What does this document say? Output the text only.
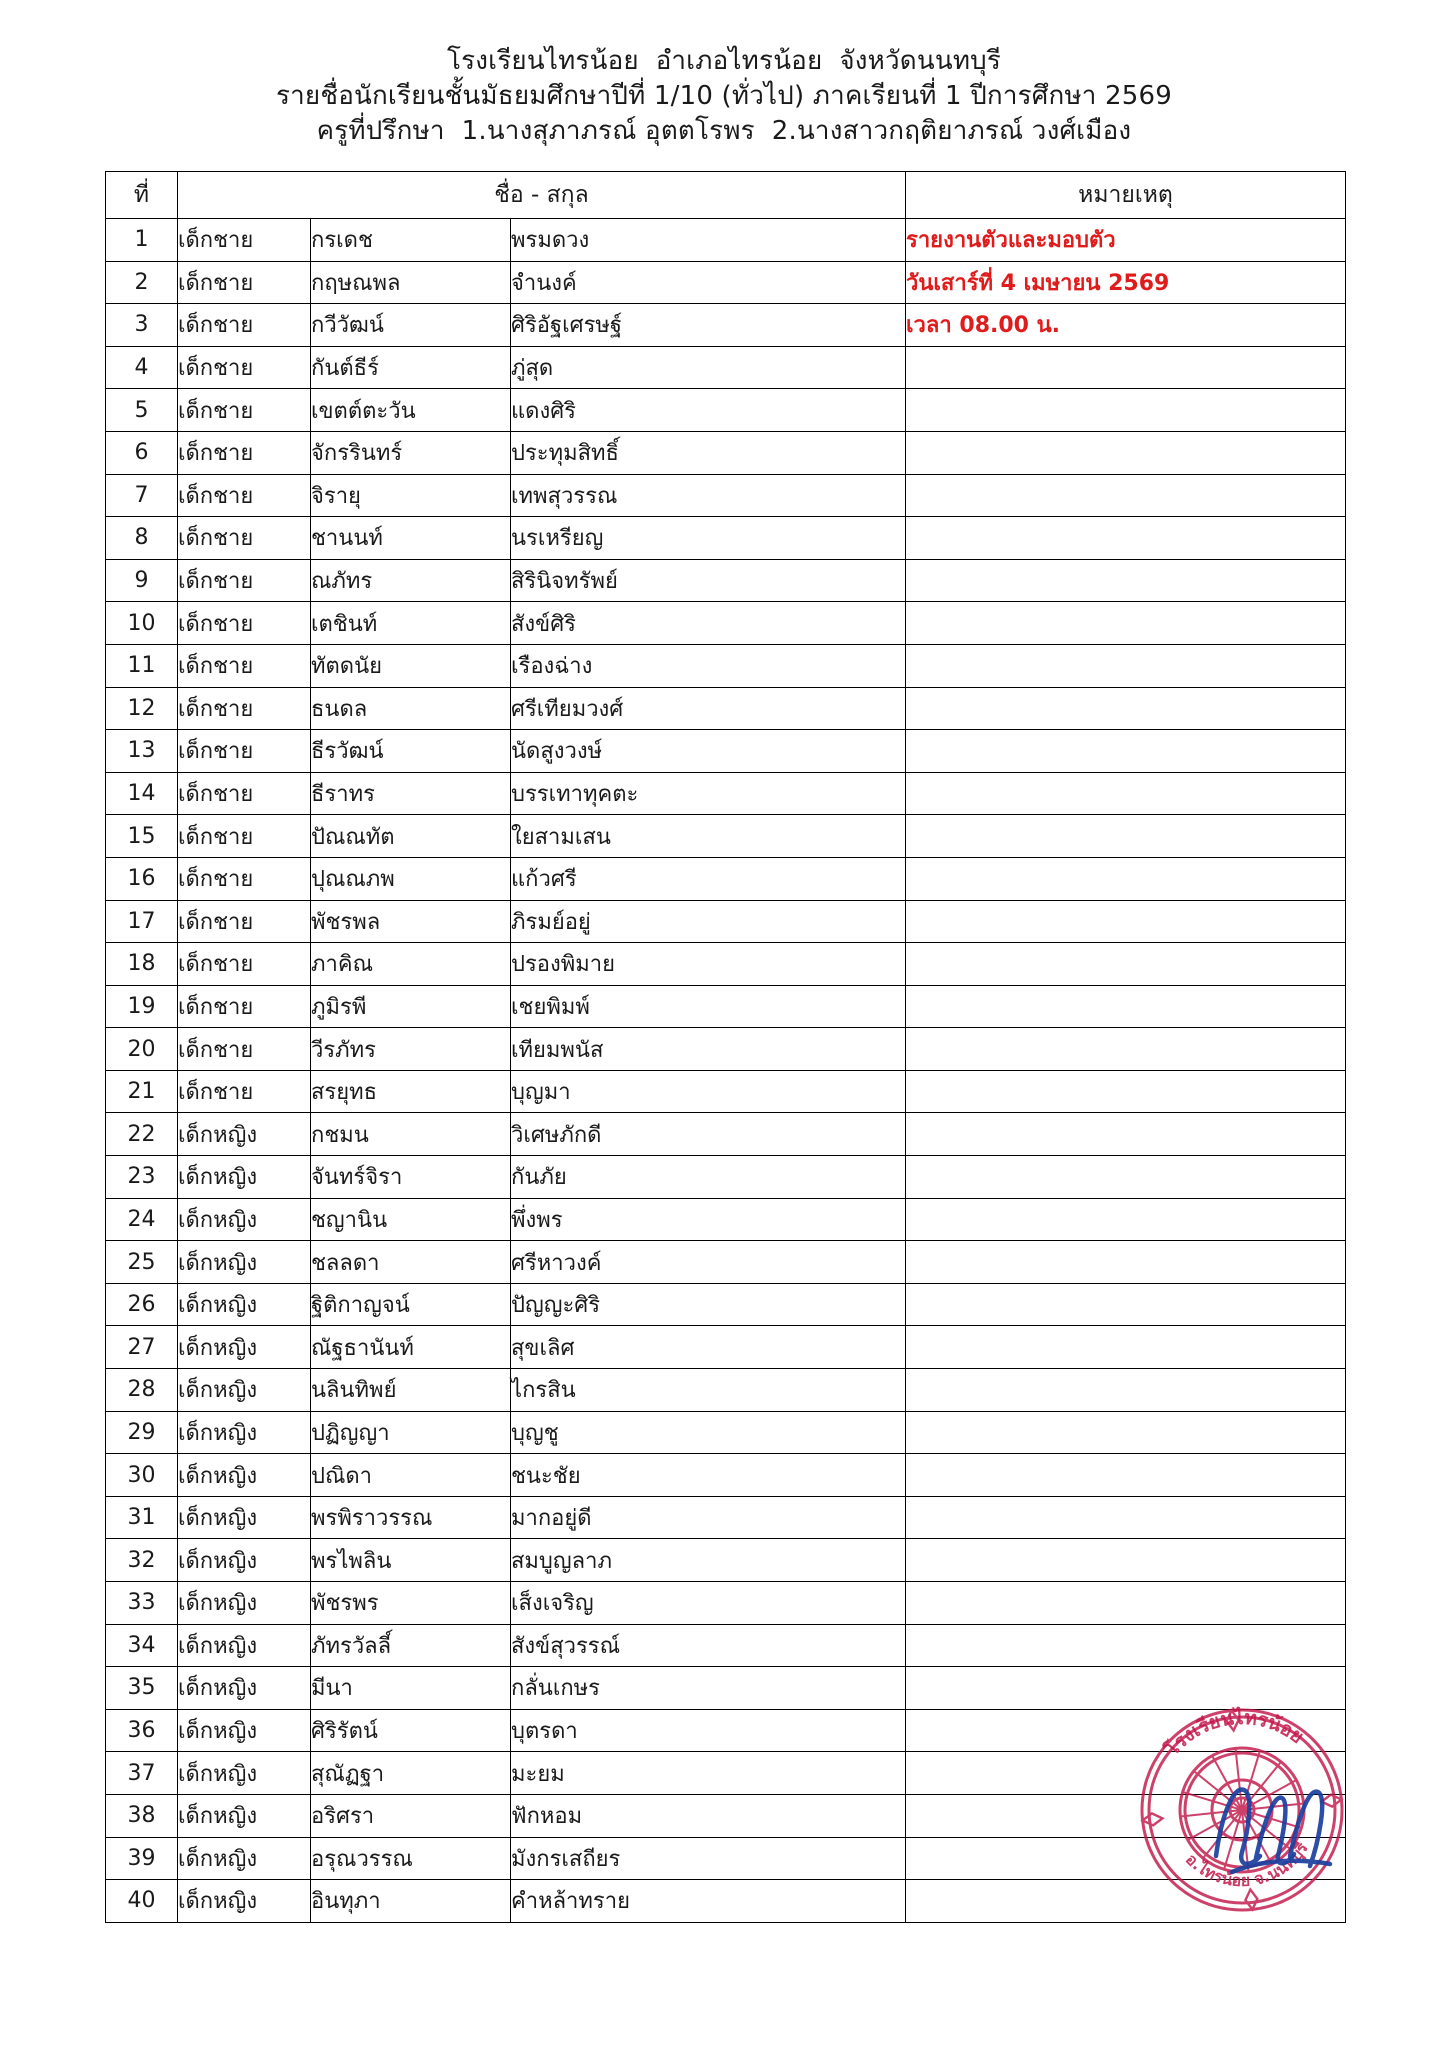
โรงเรียนไทรน้อย  อำเภอไทรน้อย  จังหวัดนนทบุรี
รายชื่อนักเรียนชั้นมัธยมศึกษาปีที่ 1/10 (ทั่วไป) ภาคเรียนที่ 1 ปีการศึกษา 2569
ครูที่ปรึกษา  1.นางสุภาภรณ์ อุตตโรพร  2.นางสาวกฤติยาภรณ์ วงศ์เมือง
ที่	ชื่อ - สกุล			หมายเหตุ
1	เด็กชาย	กรเดช	พรมดวง	รายงานตัวและมอบตัว
2	เด็กชาย	กฤษณพล	จำนงค์	วันเสาร์ที่ 4 เมษายน 2569
3	เด็กชาย	กวีวัฒน์	ศิริอัฐเศรษฐ์	เวลา 08.00 น.
4	เด็กชาย	กันต์ธีร์	ภู่สุด	
5	เด็กชาย	เขตต์ตะวัน	แดงศิริ	
6	เด็กชาย	จักรรินทร์	ประทุมสิทธิ์	
7	เด็กชาย	จิรายุ	เทพสุวรรณ	
8	เด็กชาย	ชานนท์	นรเหรียญ	
9	เด็กชาย	ณภัทร	สิรินิจทรัพย์	
10	เด็กชาย	เตชินท์	สังข์ศิริ	
11	เด็กชาย	ทัตดนัย	เรืองฉ่าง	
12	เด็กชาย	ธนดล	ศรีเทียมวงศ์	
13	เด็กชาย	ธีรวัฒน์	นัดสูงวงษ์	
14	เด็กชาย	ธีราทร	บรรเทาทุคตะ	
15	เด็กชาย	ปัณณทัต	ใยสามเสน	
16	เด็กชาย	ปุณณภพ	แก้วศรี	
17	เด็กชาย	พัชรพล	ภิรมย์อยู่	
18	เด็กชาย	ภาคิณ	ปรองพิมาย	
19	เด็กชาย	ภูมิรพี	เชยพิมพ์	
20	เด็กชาย	วีรภัทร	เทียมพนัส	
21	เด็กชาย	สรยุทธ	บุญมา	
22	เด็กหญิง	กชมน	วิเศษภักดี	
23	เด็กหญิง	จันทร์จิรา	กันภัย	
24	เด็กหญิง	ชญานิน	พึ่งพร	
25	เด็กหญิง	ชลลดา	ศรีหาวงค์	
26	เด็กหญิง	ฐิติกาญจน์	ปัญญะศิริ	
27	เด็กหญิง	ณัฐธานันท์	สุขเลิศ	
28	เด็กหญิง	นลินทิพย์	ไกรสิน	
29	เด็กหญิง	ปฏิญญา	บุญชู	
30	เด็กหญิง	ปณิดา	ชนะชัย	
31	เด็กหญิง	พรพิราวรรณ	มากอยู่ดี	
32	เด็กหญิง	พรไพลิน	สมบูญลาภ	
33	เด็กหญิง	พัชรพร	เส็งเจริญ	
34	เด็กหญิง	ภัทรวัลลี์	สังข์สุวรรณ์	
35	เด็กหญิง	มีนา	กลั่นเกษร	
36	เด็กหญิง	ศิริรัตน์	บุตรดา	
37	เด็กหญิง	สุณัฏฐา	มะยม	
38	เด็กหญิง	อริศรา	ฟักหอม	
39	เด็กหญิง	อรุณวรรณ	มังกรเสถียร	
40	เด็กหญิง	อินทุภา	คำหล้าทราย	
โรงเรียนไทรน้อย
อ.ไทรน้อย จ.นนทบุรี
